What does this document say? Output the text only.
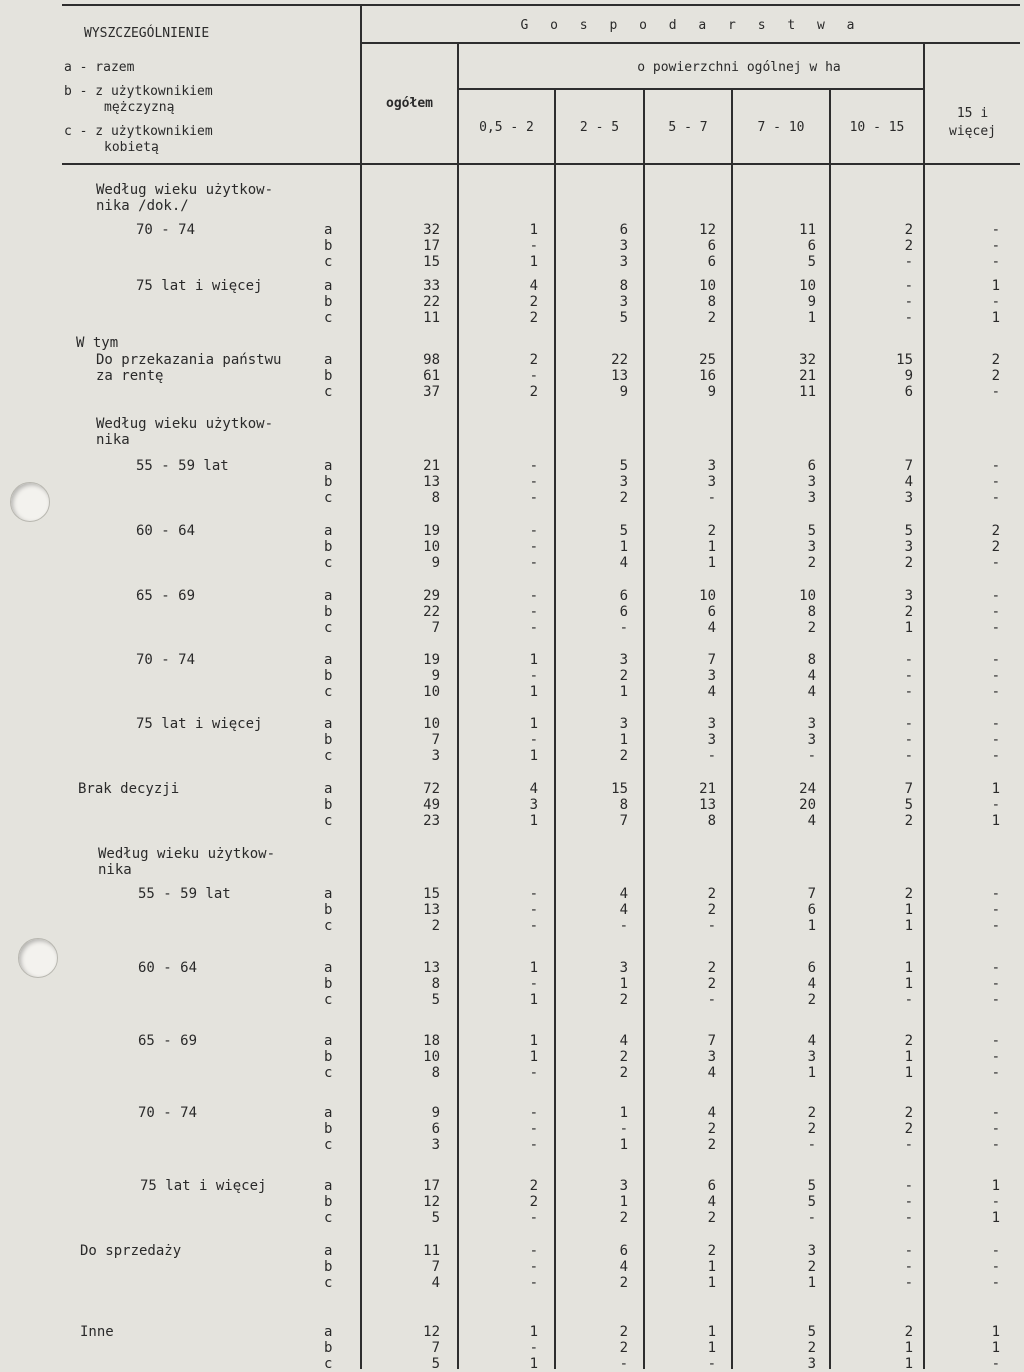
WYSZCZEGÓLNIENIE
a - razem
b - z użytkownikiem
mężczyzną
c - z użytkownikiem
kobietą
G o s p o d a r s t w a
o powierzchni ogólnej w ha
ogółem
0,5 - 2	2 - 5	5 - 7	7 - 10	10 - 15
15 i
więcej
Według wieku użytkow-
nika /dok./
70 - 74	a	32	1	6	12	11	2	-
b	17	-	3	6	6	2	-
c	15	1	3	6	5	-	-
75 lat i więcej	a	33	4	8	10	10	-	1
b	22	2	3	8	9	-	-
c	11	2	5	2	1	-	1
W tym
Do przekazania państwu
za rentę
a	98	2	22	25	32	15	2
b	61	-	13	16	21	9	2
c	37	2	9	9	11	6	-
Według wieku użytkow-
nika
55 - 59 lat	a	21	-	5	3	6	7	-
b	13	-	3	3	3	4	-
c	8	-	2	-	3	3	-
60 - 64	a	19	-	5	2	5	5	2
b	10	-	1	1	3	3	2
c	9	-	4	1	2	2	-
65 - 69	a	29	-	6	10	10	3	-
b	22	-	6	6	8	2	-
c	7	-	-	4	2	1	-
70 - 74	a	19	1	3	7	8	-	-
b	9	-	2	3	4	-	-
c	10	1	1	4	4	-	-
75 lat i więcej	a	10	1	3	3	3	-	-
b	7	-	1	3	3	-	-
c	3	1	2	-	-	-	-
Brak decyzji	a	72	4	15	21	24	7	1
b	49	3	8	13	20	5	-
c	23	1	7	8	4	2	1
Według wieku użytkow-
nika
55 - 59 lat	a	15	-	4	2	7	2	-
b	13	-	4	2	6	1	-
c	2	-	-	-	1	1	-
60 - 64	a	13	1	3	2	6	1	-
b	8	-	1	2	4	1	-
c	5	1	2	-	2	-	-
65 - 69	a	18	1	4	7	4	2	-
b	10	1	2	3	3	1	-
c	8	-	2	4	1	1	-
70 - 74	a	9	-	1	4	2	2	-
b	6	-	-	2	2	2	-
c	3	-	1	2	-	-	-
75 lat i więcej	a	17	2	3	6	5	-	1
b	12	2	1	4	5	-	-
c	5	-	2	2	-	-	1
Do sprzedaży	a	11	-	6	2	3	-	-
b	7	-	4	1	2	-	-
c	4	-	2	1	1	-	-
Inne	a	12	1	2	1	5	2	1
b	7	-	2	1	2	1	1
c	5	1	-	-	3	1	-
